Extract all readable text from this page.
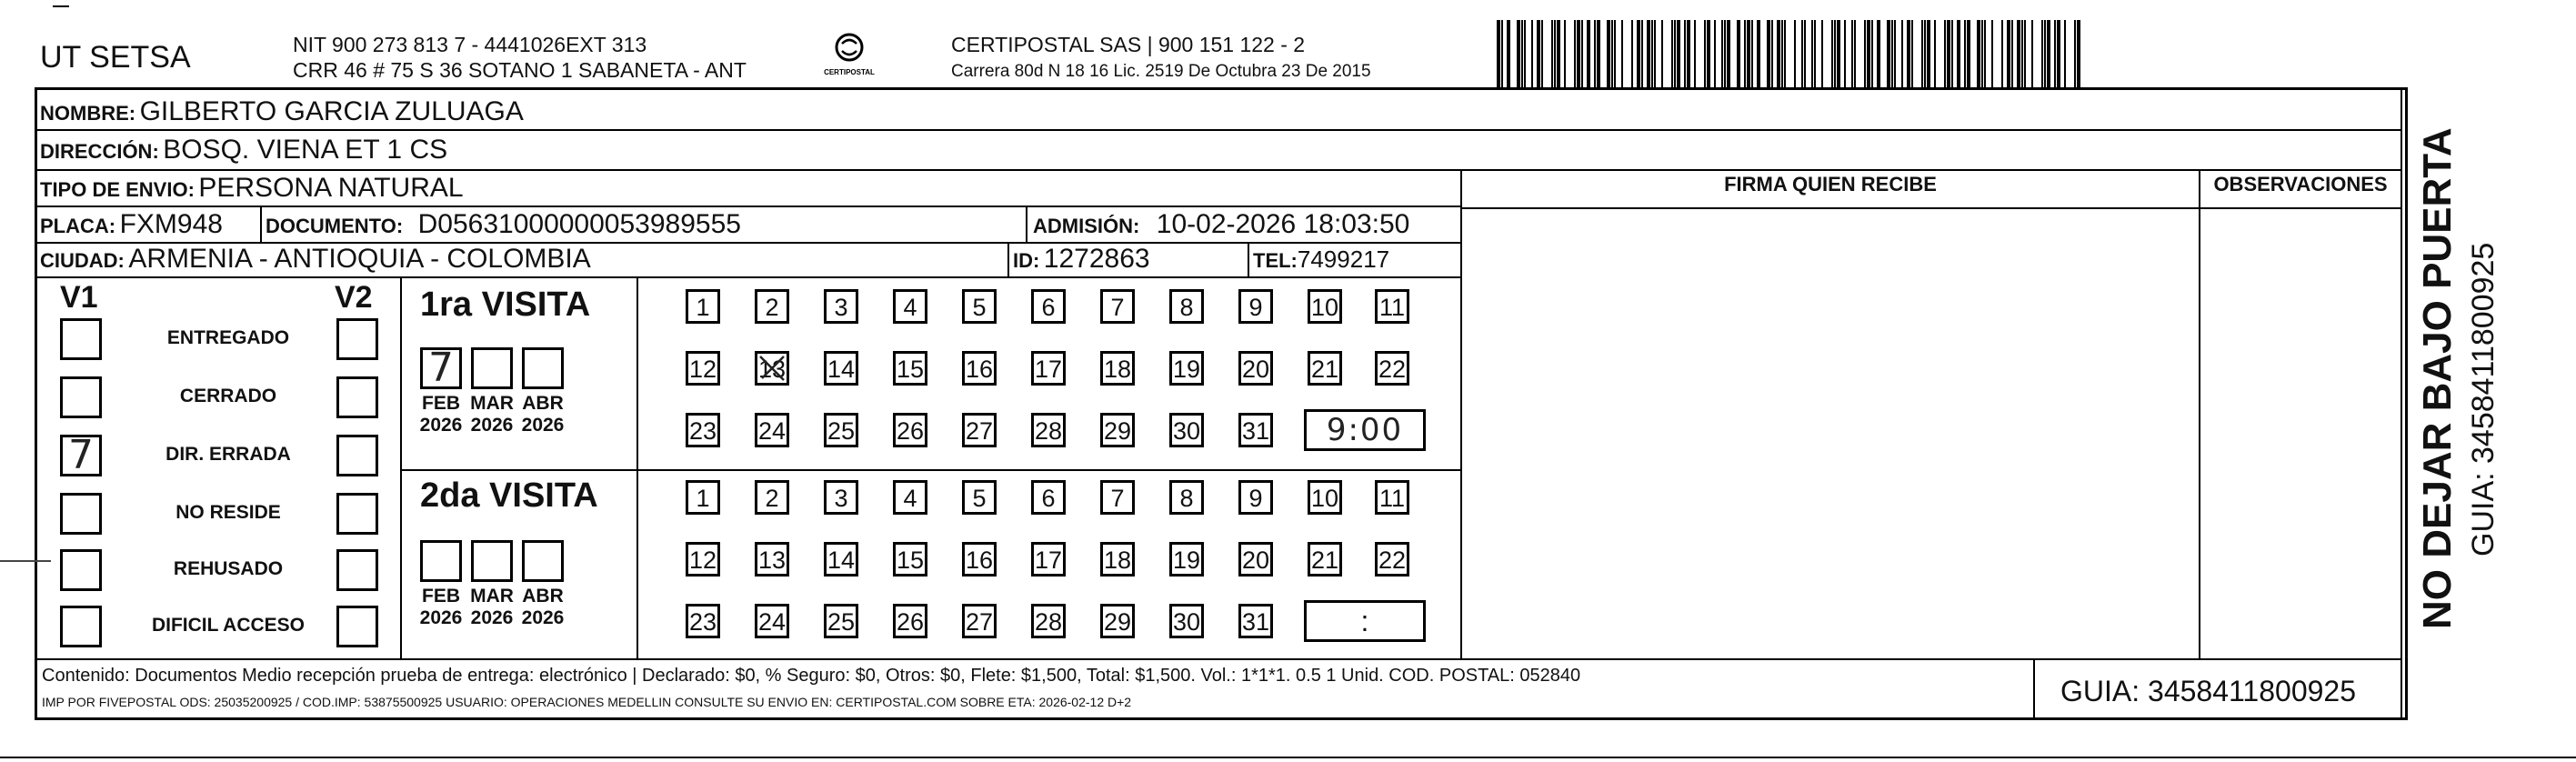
UT SETSA	NIT 900 273 813 7 - 4441026EXT 313
CRR 46 # 75 S 36 SOTANO 1 SABANETA - ANT	CERTIPOSTAL
CERTIPOSTAL SAS | 900 151 122 - 2
Carrera 80d N 18 16 Lic. 2519 De Octubra 23 De 2015
NOMBRE: GILBERTO GARCIA ZULUAGA
DIRECCIÓN: BOSQ. VIENA ET 1 CS
TIPO DE ENVIO: PERSONA NATURAL
PLACA: FXM948 DOCUMENTO: D05631000000053989555	ADMISIÓN: 10-02-2026 18:03:50
CIUDAD: ARMENIA - ANTIOQUIA - COLOMBIA	ID: 1272863	TEL:7499217
FIRMA QUIEN RECIBE	OBSERVACIONES
V1	V2
ENTREGADO
CERRADO
7	DIR. ERRADA
NO RESIDE
REHUSADO
DIFICIL ACCESO
1ra VISITA
7
FEB
2026
MAR
2026
ABR
2026
1	2	3	4	5	6	7	8	9	10 11
12 13 14 15 16 17 18 19 20 21 22
23 24 25 26 27 28 29 30 31	9:00
2da VISITA
FEB
2026
MAR
2026
ABR
2026
1	2	3	4	5	6	7	8	9	10 11
12 13 14 15 16 17 18 19 20 21 22
23 24 25 26 27 28 29 30 31	:
Contenido: Documentos Medio recepción prueba de entrega: electrónico | Declarado: $0, % Seguro: $0, Otros: $0, Flete: $1,500, Total: $1,500. Vol.: 1*1*1. 0.5 1 Unid. COD. POSTAL: 052840
IMP POR FIVEPOSTAL ODS: 25035200925 / COD.IMP: 53875500925 USUARIO: OPERACIONES MEDELLIN CONSULTE SU ENVIO EN: CERTIPOSTAL.COM SOBRE ETA: 2026-02-12 D+2	GUIA: 3458411800925
NO DEJAR BAJO PUERTA GUIA: 3458411800925
